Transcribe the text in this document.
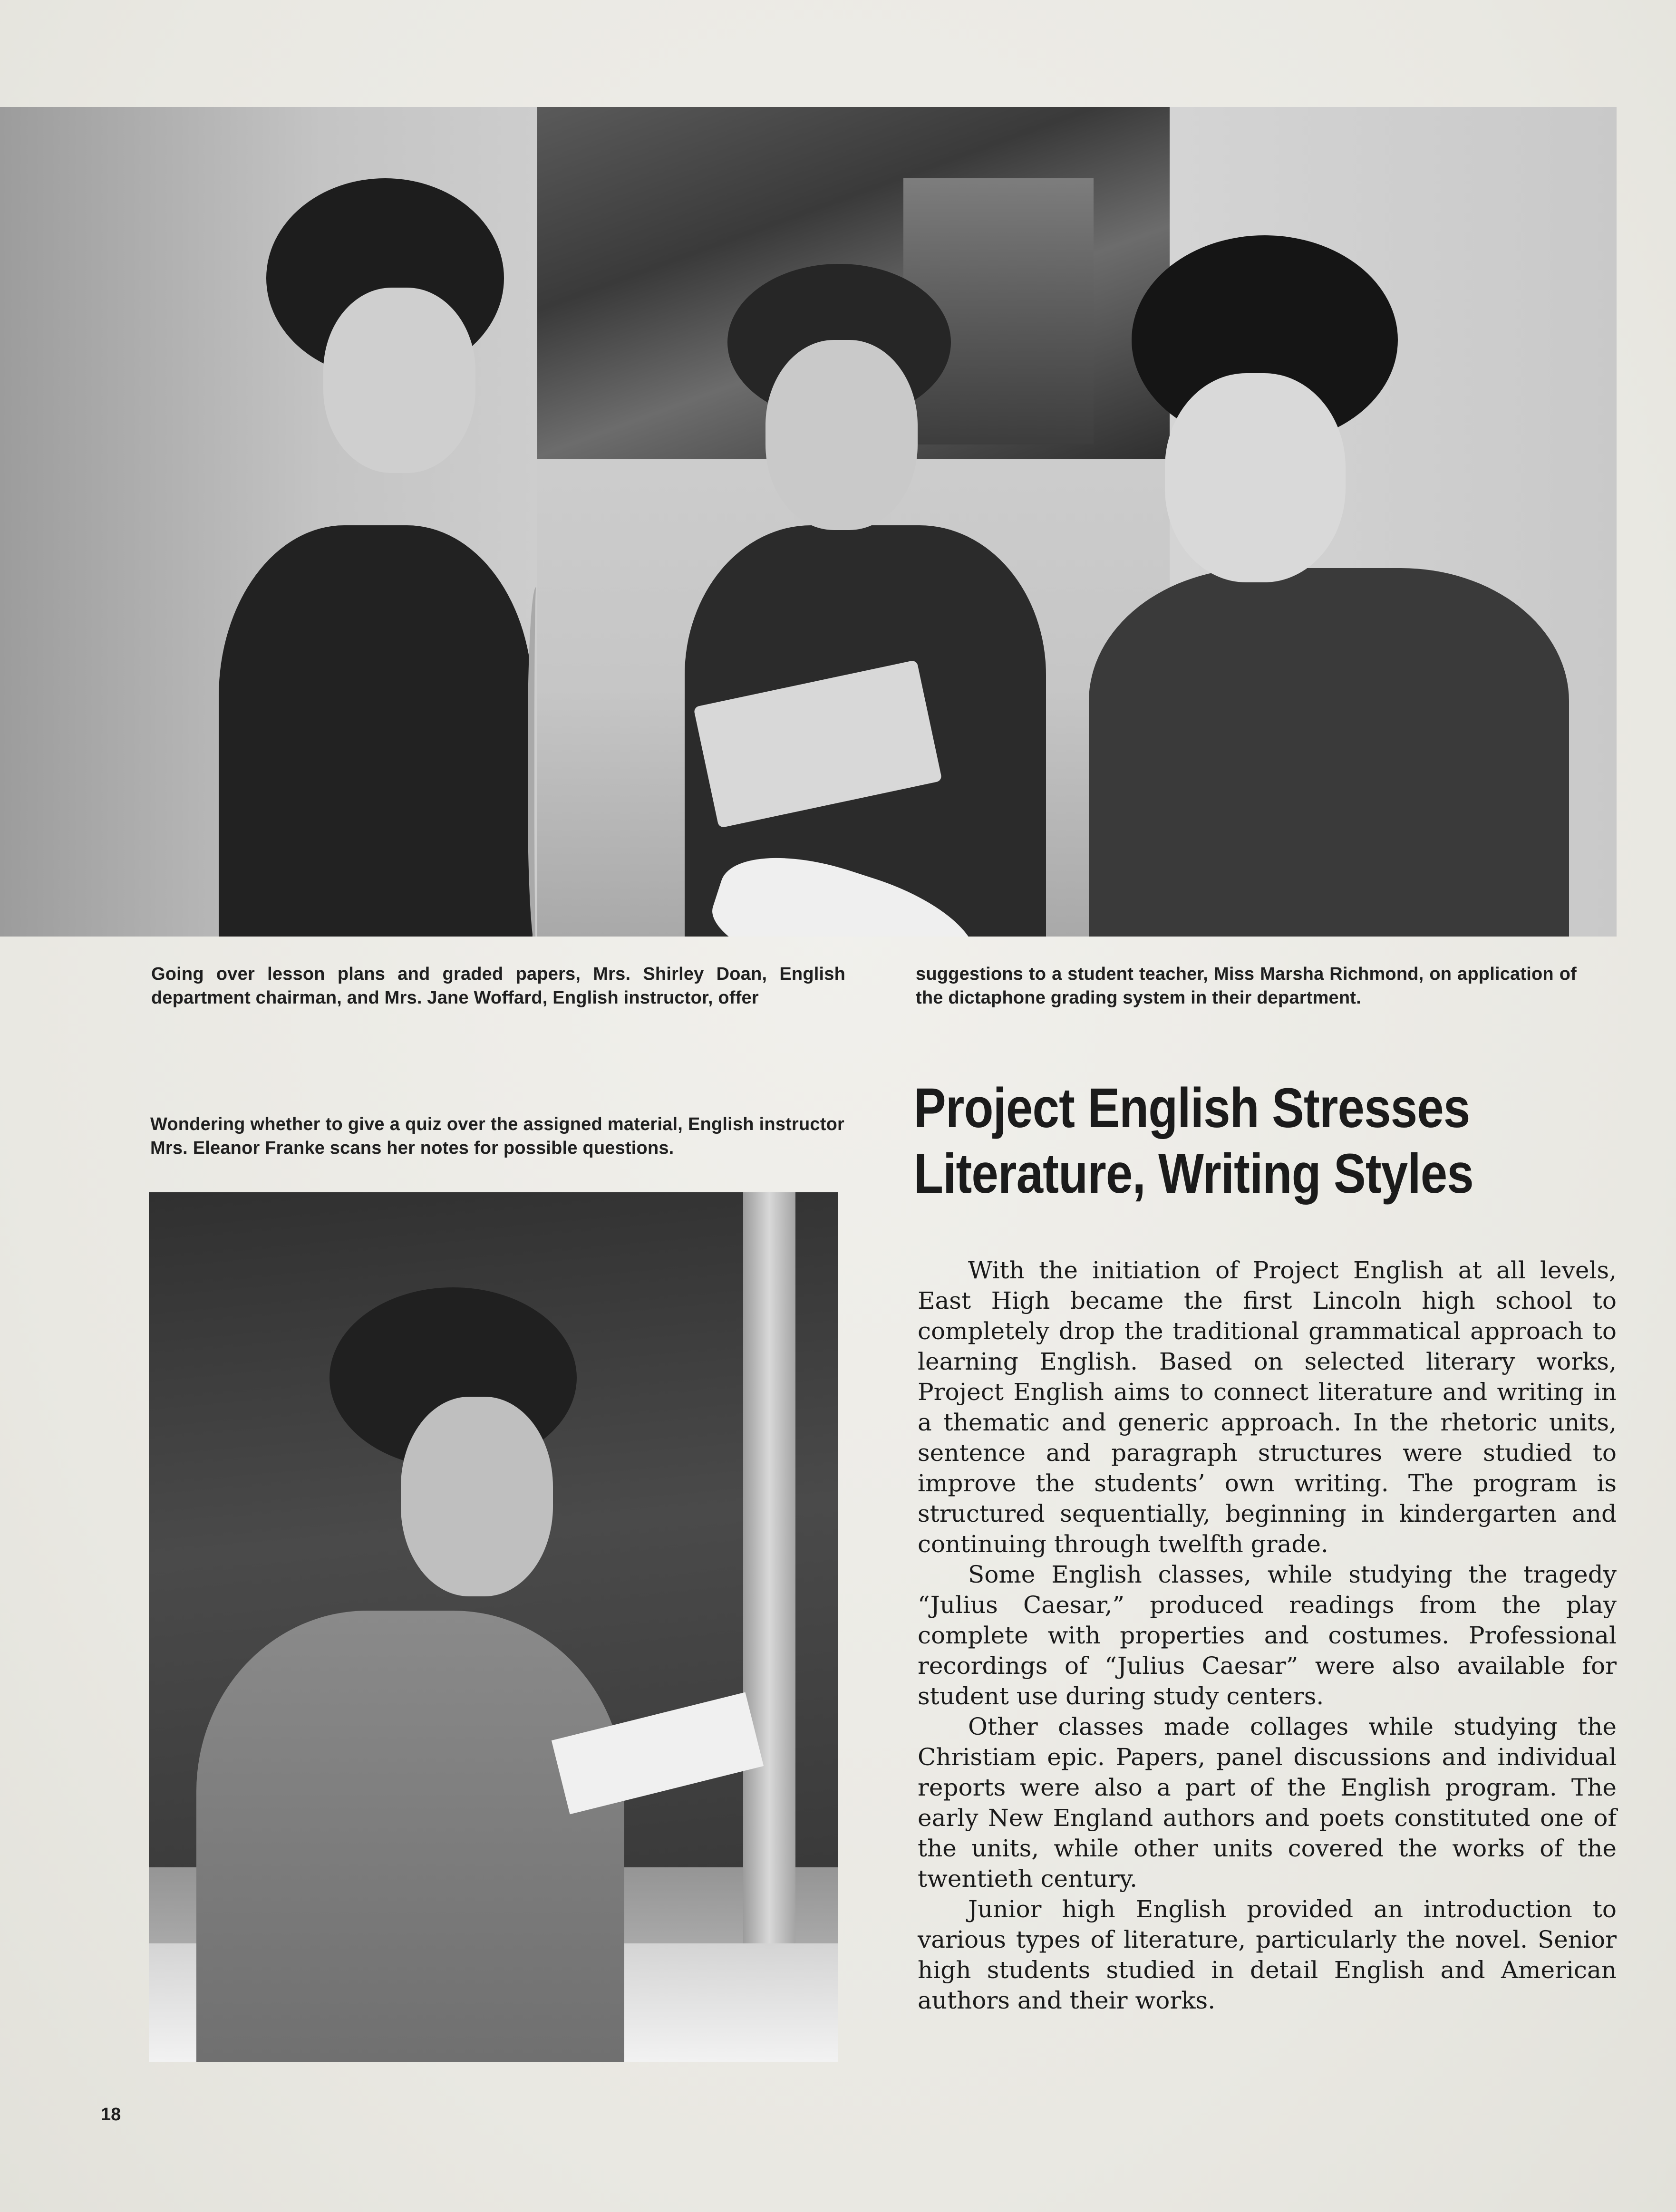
Going over lesson plans and graded papers, Mrs. Shirley Doan, English department chairman, and Mrs. Jane Woffard, English instructor, offer
suggestions to a student teacher, Miss Marsha Richmond, on application of the dictaphone grading system in their department.
Wondering whether to give a quiz over the assigned material, English instructor Mrs. Eleanor Franke scans her notes for possible questions.
Project English Stresses
Literature, Writing Styles

With the initiation of Project English at all levels, East High became the first Lincoln high school to completely drop the traditional grammatical approach to learning English. Based on selected literary works, Project English aims to connect literature and writing in a thematic and generic approach. In the rhetoric units, sentence and paragraph structures were studied to improve the students’ own writing. The program is structured sequentially, beginning in kindergarten and continuing through twelfth grade.

Some English classes, while studying the tragedy “Julius Caesar,” produced readings from the play complete with properties and costumes. Professional recordings of “Julius Caesar” were also available for student use during study centers.

Other classes made collages while studying the Christiam epic. Papers, panel discussions and individual reports were also a part of the English program. The early New England authors and poets constituted one of the units, while other units covered the works of the twentieth century.

Junior high English provided an introduction to various types of literature, particularly the novel. Senior high students studied in detail English and American authors and their works.

18
